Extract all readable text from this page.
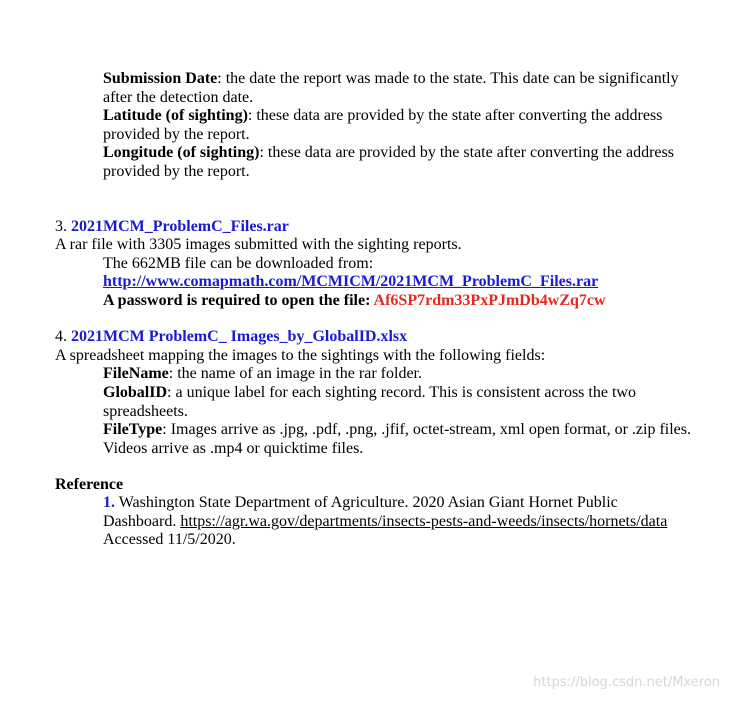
Submission Date: the date the report was made to the state. This date can be significantly after the detection date.
Latitude (of sighting): these data are provided by the state after converting the address provided by the report.
Longitude (of sighting): these data are provided by the state after converting the address provided by the report.
3. 2021MCM_ProblemC_Files.rar
A rar file with 3305 images submitted with the sighting reports.
The 662MB file can be downloaded from:
http://www.comapmath.com/MCMICM/2021MCM_ProblemC_Files.rar
A password is required to open the file: Af6SP7rdm33PxPJmDb4wZq7cw
4. 2021MCM ProblemC_ Images_by_GlobalID.xlsx
A spreadsheet mapping the images to the sightings with the following fields:
FileName: the name of an image in the rar folder.
GlobalID: a unique label for each sighting record. This is consistent across the two spreadsheets.
FileType: Images arrive as .jpg, .pdf, .png, .jfif, octet-stream, xml open format, or .zip files. Videos arrive as .mp4 or quicktime files.
Reference
1. Washington State Department of Agriculture. 2020 Asian Giant Hornet Public Dashboard. https://agr.wa.gov/departments/insects-pests-and-weeds/insects/hornets/data
Accessed 11/5/2020.
https://blog.csdn.net/Mxeron
